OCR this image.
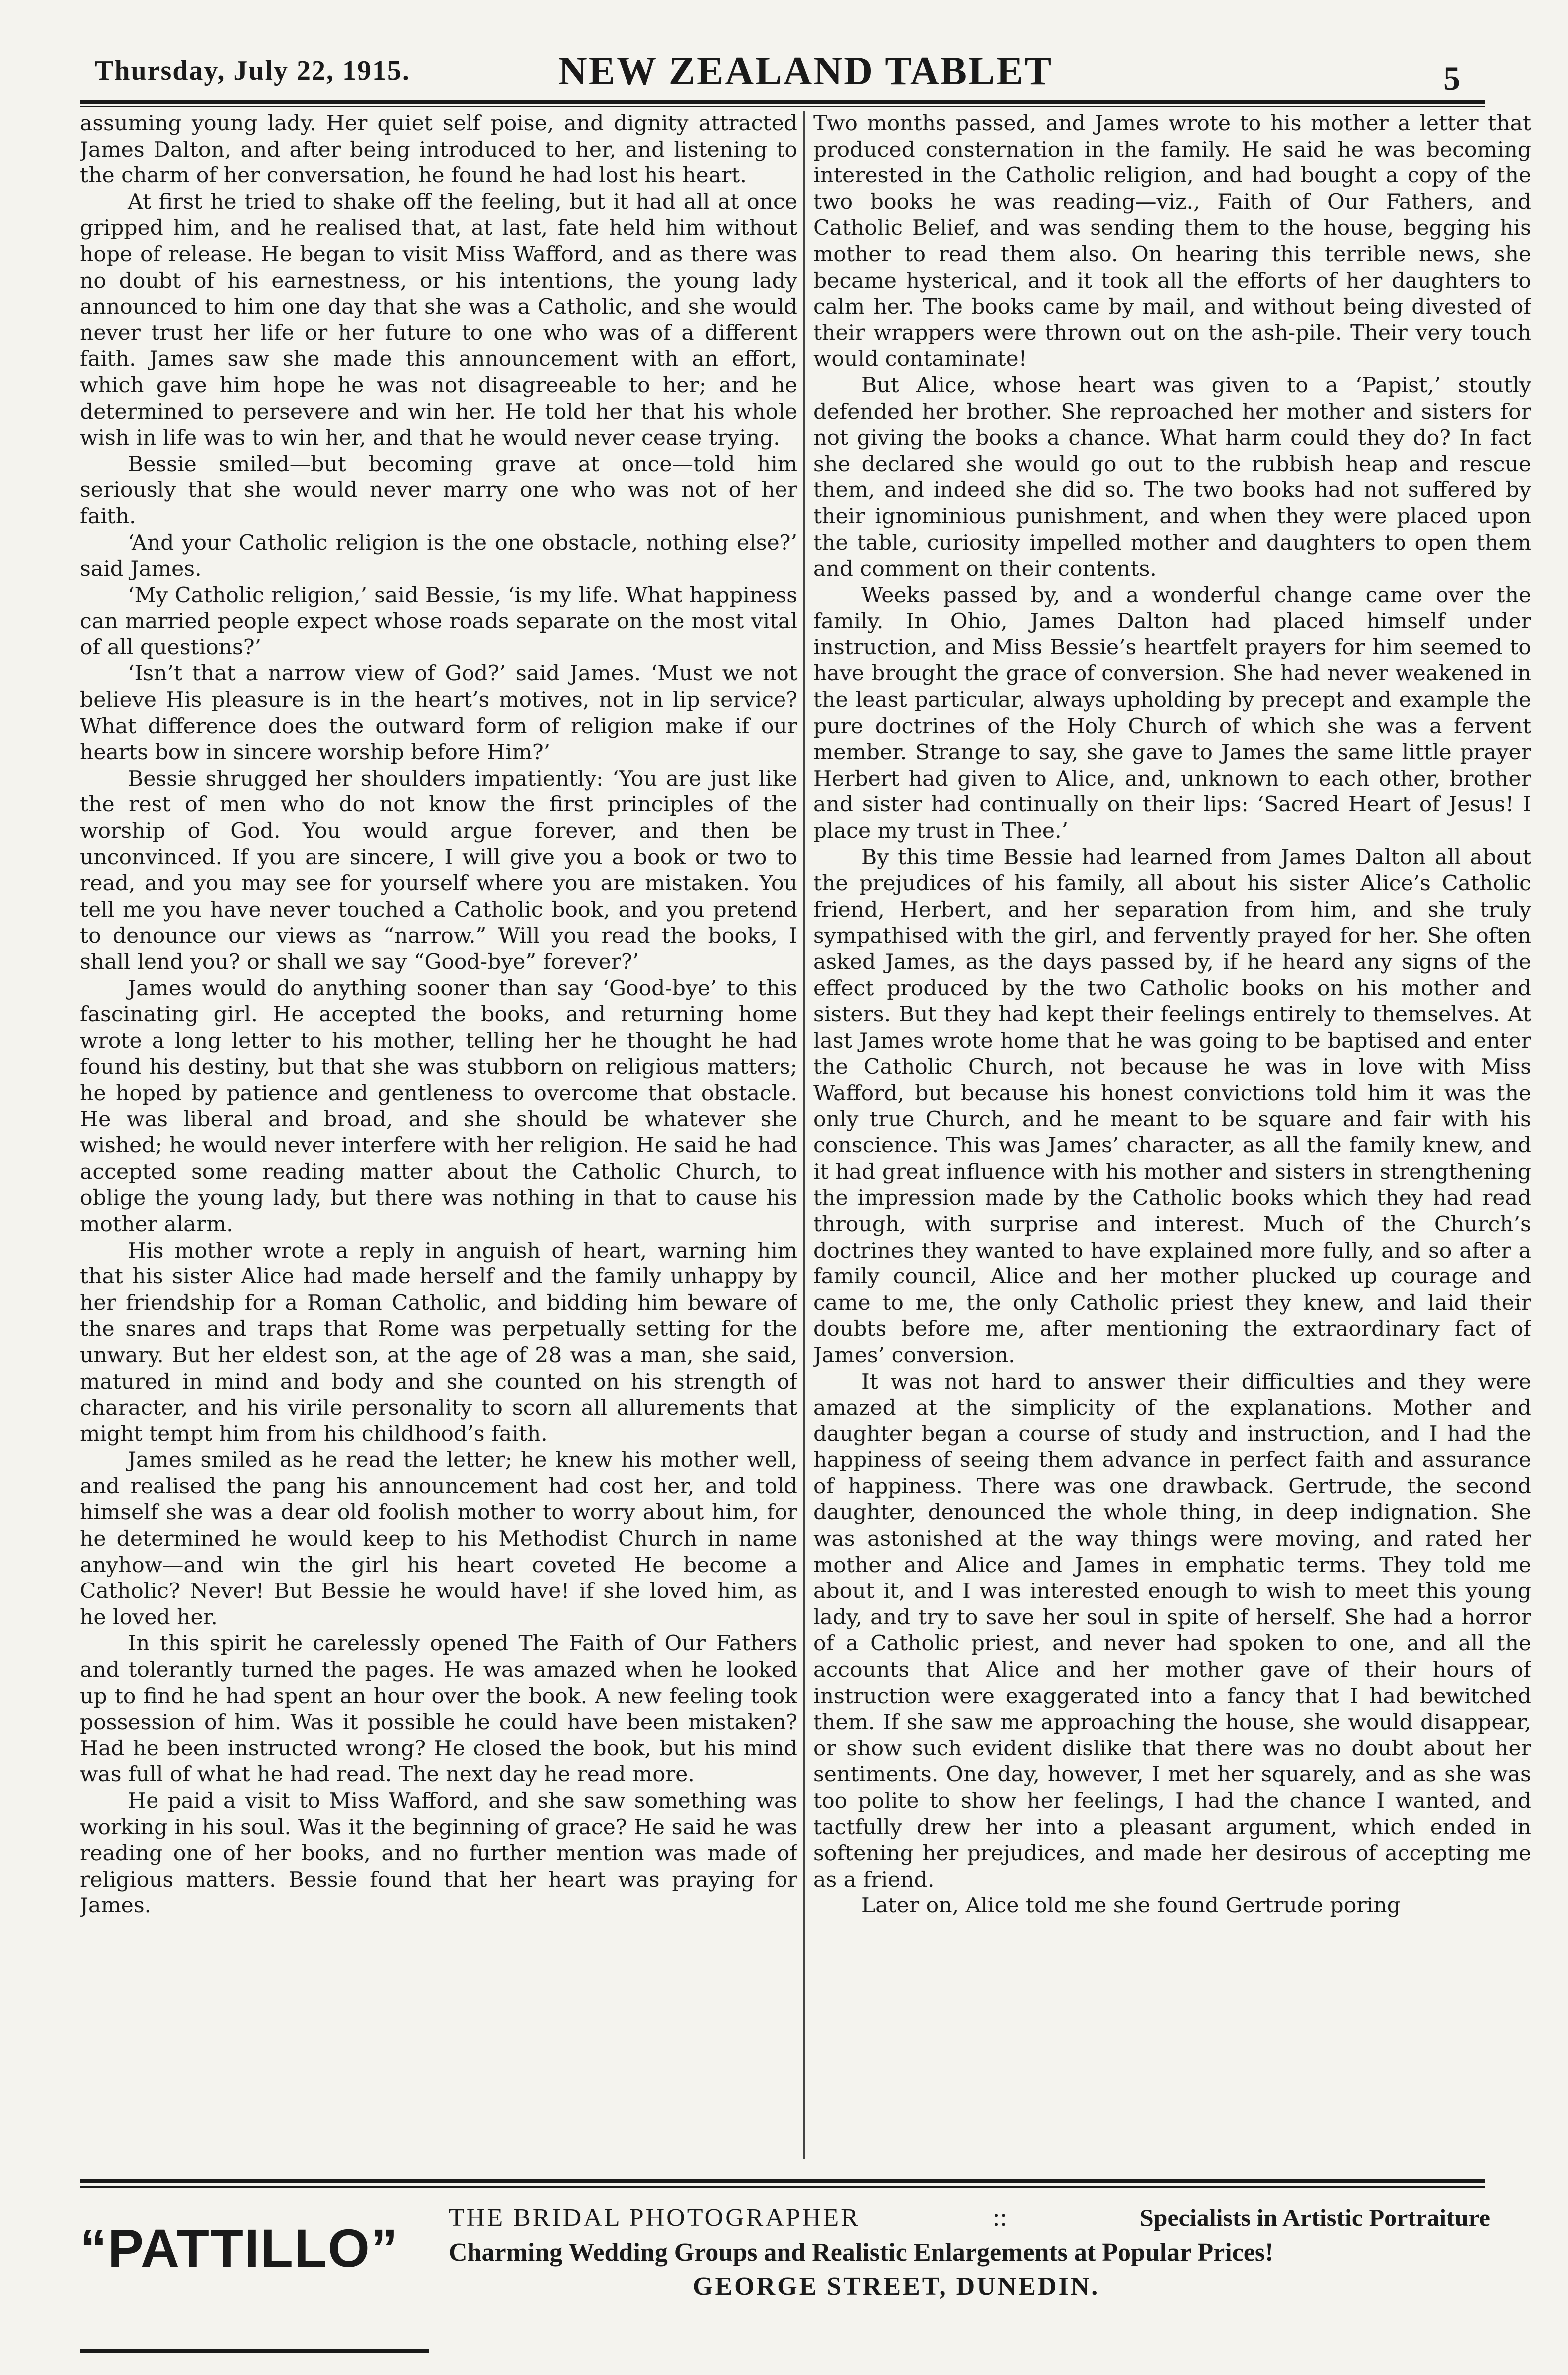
Thursday, July 22, 1915.	NEW ZEALAND TABLET	5

assuming young lady. Her quiet self poise, and dignity attracted James Dalton, and after being introduced to her, and listening to the charm of her conversation, he found he had lost his heart.

At first he tried to shake off the feeling, but it had all at once gripped him, and he realised that, at last, fate held him without hope of release. He began to visit Miss Wafford, and as there was no doubt of his earnestness, or his intentions, the young lady announced to him one day that she was a Catholic, and she would never trust her life or her future to one who was of a different faith. James saw she made this announcement with an effort, which gave him hope he was not disagreeable to her; and he determined to persevere and win her. He told her that his whole wish in life was to win her, and that he would never cease trying.

Bessie smiled—but becoming grave at once—told him seriously that she would never marry one who was not of her faith.

‘And your Catholic religion is the one obstacle, nothing else?’ said James.

‘My Catholic religion,’ said Bessie, ‘is my life. What happiness can married people expect whose roads separate on the most vital of all questions?’

‘Isn’t that a narrow view of God?’ said James. ‘Must we not believe His pleasure is in the heart’s motives, not in lip service? What difference does the outward form of religion make if our hearts bow in sincere worship before Him?’

Bessie shrugged her shoulders impatiently: ‘You are just like the rest of men who do not know the first principles of the worship of God. You would argue forever, and then be unconvinced. If you are sincere, I will give you a book or two to read, and you may see for yourself where you are mistaken. You tell me you have never touched a Catholic book, and you pretend to denounce our views as “narrow.” Will you read the books, I shall lend you? or shall we say “Good-bye” forever?’

James would do anything sooner than say ‘Good-bye’ to this fascinating girl. He accepted the books, and returning home wrote a long letter to his mother, telling her he thought he had found his destiny, but that she was stubborn on religious matters; he hoped by patience and gentleness to overcome that obstacle. He was liberal and broad, and she should be whatever she wished; he would never interfere with her religion. He said he had accepted some reading matter about the Catholic Church, to oblige the young lady, but there was nothing in that to cause his mother alarm.

His mother wrote a reply in anguish of heart, warning him that his sister Alice had made herself and the family unhappy by her friendship for a Roman Catholic, and bidding him beware of the snares and traps that Rome was perpetually setting for the unwary. But her eldest son, at the age of 28 was a man, she said, matured in mind and body and she counted on his strength of character, and his virile personality to scorn all allurements that might tempt him from his childhood’s faith.

James smiled as he read the letter; he knew his mother well, and realised the pang his announcement had cost her, and told himself she was a dear old foolish mother to worry about him, for he determined he would keep to his Methodist Church in name anyhow—and win the girl his heart coveted He become a Catholic? Never! But Bessie he would have! if she loved him, as he loved her.

In this spirit he carelessly opened The Faith of Our Fathers and tolerantly turned the pages. He was amazed when he looked up to find he had spent an hour over the book. A new feeling took possession of him. Was it possible he could have been mistaken? Had he been instructed wrong? He closed the book, but his mind was full of what he had read. The next day he read more.

He paid a visit to Miss Wafford, and she saw something was working in his soul. Was it the beginning of grace? He said he was reading one of her books, and no further mention was made of religious matters. Bessie found that her heart was praying for James.

Two months passed, and James wrote to his mother a letter that produced consternation in the family. He said he was becoming interested in the Catholic religion, and had bought a copy of the two books he was reading—viz., Faith of Our Fathers, and Catholic Belief, and was sending them to the house, begging his mother to read them also. On hearing this terrible news, she became hysterical, and it took all the efforts of her daughters to calm her. The books came by mail, and without being divested of their wrappers were thrown out on the ash-pile. Their very touch would contaminate!

But Alice, whose heart was given to a ‘Papist,’ stoutly defended her brother. She reproached her mother and sisters for not giving the books a chance. What harm could they do? In fact she declared she would go out to the rubbish heap and rescue them, and indeed she did so. The two books had not suffered by their ignominious punishment, and when they were placed upon the table, curiosity impelled mother and daughters to open them and comment on their contents.

Weeks passed by, and a wonderful change came over the family. In Ohio, James Dalton had placed himself under instruction, and Miss Bessie’s heartfelt prayers for him seemed to have brought the grace of conversion. She had never weakened in the least particular, always upholding by precept and example the pure doctrines of the Holy Church of which she was a fervent member. Strange to say, she gave to James the same little prayer Herbert had given to Alice, and, unknown to each other, brother and sister had continually on their lips: ‘Sacred Heart of Jesus! I place my trust in Thee.’

By this time Bessie had learned from James Dalton all about the prejudices of his family, all about his sister Alice’s Catholic friend, Herbert, and her separation from him, and she truly sympathised with the girl, and fervently prayed for her. She often asked James, as the days passed by, if he heard any signs of the effect produced by the two Catholic books on his mother and sisters. But they had kept their feelings entirely to themselves. At last James wrote home that he was going to be baptised and enter the Catholic Church, not because he was in love with Miss Wafford, but because his honest convictions told him it was the only true Church, and he meant to be square and fair with his conscience. This was James’ character, as all the family knew, and it had great influence with his mother and sisters in strengthening the impression made by the Catholic books which they had read through, with surprise and interest. Much of the Church’s doctrines they wanted to have explained more fully, and so after a family council, Alice and her mother plucked up courage and came to me, the only Catholic priest they knew, and laid their doubts before me, after mentioning the extraordinary fact of James’ conversion.

It was not hard to answer their difficulties and they were amazed at the simplicity of the explanations. Mother and daughter began a course of study and instruction, and I had the happiness of seeing them advance in perfect faith and assurance of happiness. There was one drawback. Gertrude, the second daughter, denounced the whole thing, in deep indignation. She was astonished at the way things were moving, and rated her mother and Alice and James in emphatic terms. They told me about it, and I was interested enough to wish to meet this young lady, and try to save her soul in spite of herself. She had a horror of a Catholic priest, and never had spoken to one, and all the accounts that Alice and her mother gave of their hours of instruction were exaggerated into a fancy that I had bewitched them. If she saw me approaching the house, she would disappear, or show such evident dislike that there was no doubt about her sentiments. One day, however, I met her squarely, and as she was too polite to show her feelings, I had the chance I wanted, and tactfully drew her into a pleasant argument, which ended in softening her prejudices, and made her desirous of accepting me as a friend.

Later on, Alice told me she found Gertrude poring

“PATTILLO”
THE BRIDAL PHOTOGRAPHER	::	Specialists in Artistic Portraiture
Charming Wedding Groups and Realistic Enlargements at Popular Prices!
GEORGE STREET, DUNEDIN.
